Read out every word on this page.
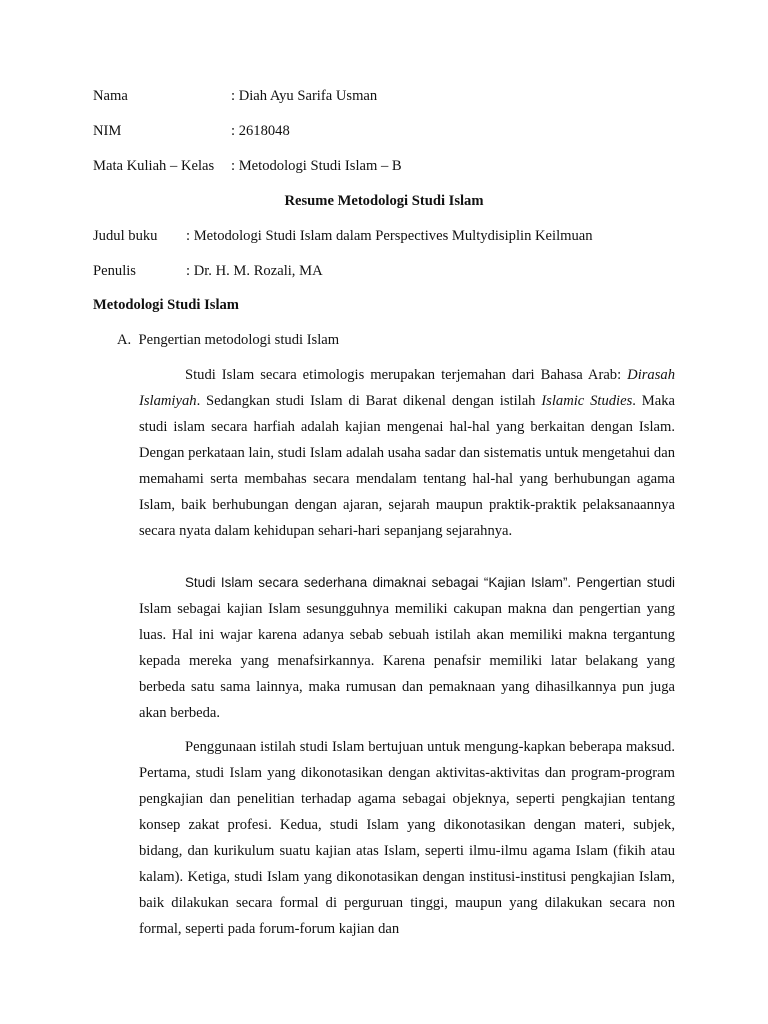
Nama	: Diah Ayu Sarifa Usman
NIM	: 2618048
Mata Kuliah – Kelas : Metodologi Studi Islam – B
Resume Metodologi Studi Islam
Judul buku : Metodologi Studi Islam dalam Perspectives Multydisiplin Keilmuan
Penulis	: Dr. H. M. Rozali, MA
Metodologi Studi Islam
A.  Pengertian metodologi studi Islam

Studi Islam secara etimologis merupakan terjemahan dari Bahasa Arab: Dirasah Islamiyah. Sedangkan studi Islam di Barat dikenal dengan istilah Islamic Studies. Maka studi islam secara harfiah adalah kajian mengenai hal-hal yang berkaitan dengan Islam. Dengan perkataan lain, studi Islam adalah usaha sadar dan sistematis untuk mengetahui dan memahami serta membahas secara mendalam tentang hal-hal yang berhubungan agama Islam, baik berhubungan dengan ajaran, sejarah maupun praktik-praktik pelaksanaannya secara nyata dalam kehidupan sehari-hari sepanjang sejarahnya.

Studi Islam secara sederhana dimaknai sebagai “Kajian Islam”. Pengertian studi Islam sebagai kajian Islam sesungguhnya memiliki cakupan makna dan pengertian yang luas. Hal ini wajar karena adanya sebab sebuah istilah akan memiliki makna tergantung kepada mereka yang menafsirkannya. Karena penafsir memiliki latar belakang yang berbeda satu sama lainnya, maka rumusan dan pemaknaan yang dihasilkannya pun juga akan berbeda.

Penggunaan istilah studi Islam bertujuan untuk mengung-kapkan beberapa maksud. Pertama, studi Islam yang dikonotasikan dengan aktivitas-aktivitas dan program-program pengkajian dan penelitian terhadap agama sebagai objeknya, seperti pengkajian tentang konsep zakat profesi. Kedua, studi Islam yang dikonotasikan dengan materi, subjek, bidang, dan kurikulum suatu kajian atas Islam, seperti ilmu-ilmu agama Islam (fikih atau kalam). Ketiga, studi Islam yang dikonotasikan dengan institusi-institusi pengkajian Islam, baik dilakukan secara formal di perguruan tinggi, maupun yang dilakukan secara non formal, seperti pada forum-forum kajian dan
